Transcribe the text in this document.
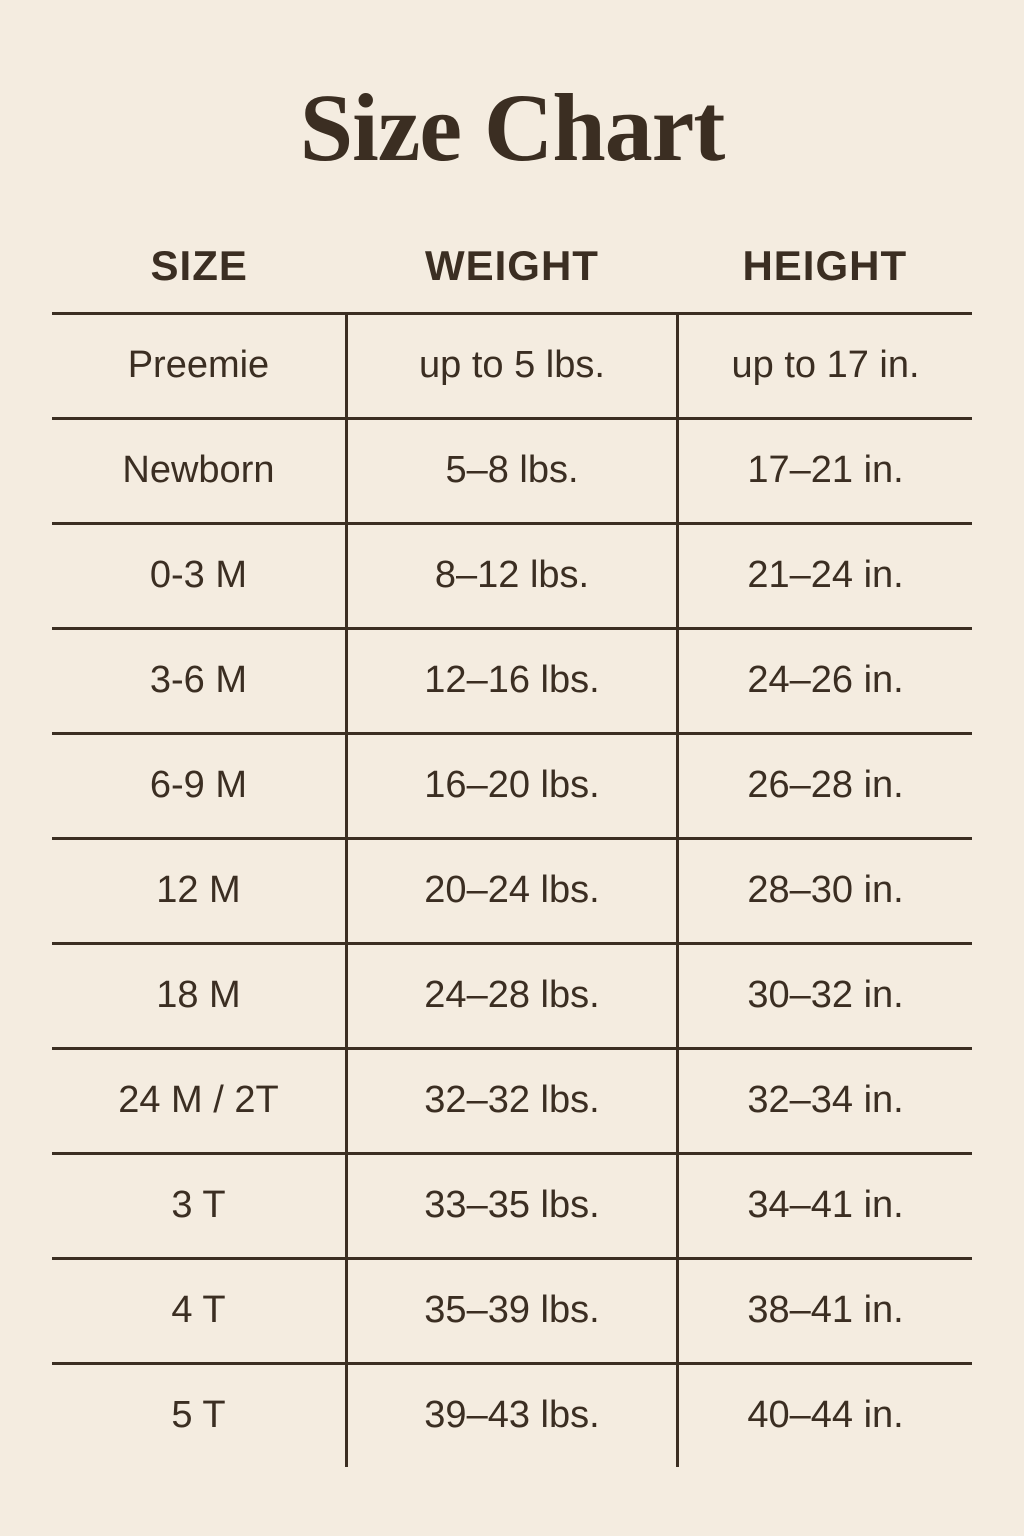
Size Chart
SIZE	WEIGHT	HEIGHT
Preemie	up to 5 lbs.	up to 17 in.
Newborn	5–8 lbs.	17–21 in.
0-3 M	8–12 lbs.	21–24 in.
3-6 M	12–16 lbs.	24–26 in.
6-9 M	16–20 lbs.	26–28 in.
12 M	20–24 lbs.	28–30 in.
18 M	24–28 lbs.	30–32 in.
24 M / 2T	32–32 lbs.	32–34 in.
3 T	33–35 lbs.	34–41 in.
4 T	35–39 lbs.	38–41 in.
5 T	39–43 lbs.	40–44 in.
